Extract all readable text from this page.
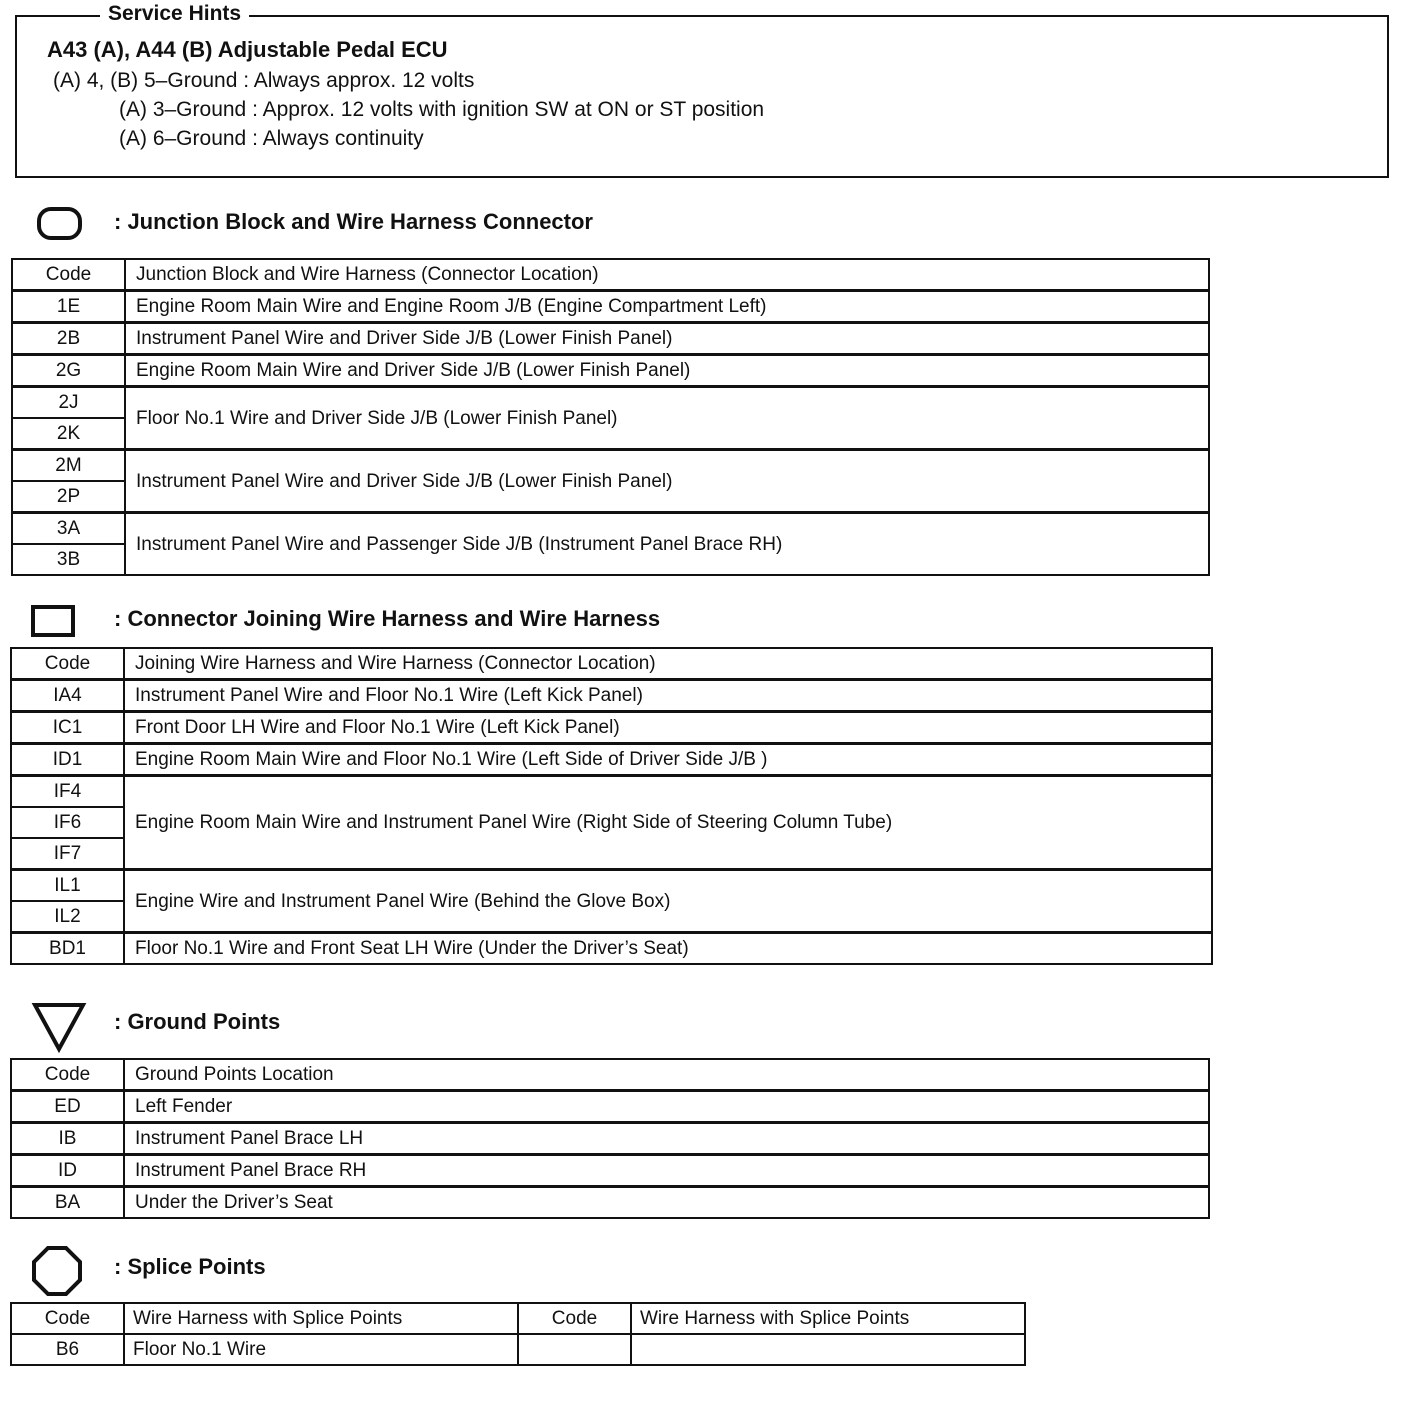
Service Hints
A43 (A), A44 (B) Adjustable Pedal ECU
(A) 4, (B) 5–Ground : Always approx. 12 volts
(A) 3–Ground : Approx. 12 volts with ignition SW at ON or ST position
(A) 6–Ground : Always continuity
: Junction Block and Wire Harness Connector
Code	Junction Block and Wire Harness (Connector Location)
1E	Engine Room Main Wire and Engine Room J/B (Engine Compartment Left)
2B	Instrument Panel Wire and Driver Side J/B (Lower Finish Panel)
2G	Engine Room Main Wire and Driver Side J/B (Lower Finish Panel)
2J	Floor No.1 Wire and Driver Side J/B (Lower Finish Panel)
2K	
2M	Instrument Panel Wire and Driver Side J/B (Lower Finish Panel)
2P	
3A	Instrument Panel Wire and Passenger Side J/B (Instrument Panel Brace RH)
3B	
: Connector Joining Wire Harness and Wire Harness
Code	Joining Wire Harness and Wire Harness (Connector Location)
IA4	Instrument Panel Wire and Floor No.1 Wire (Left Kick Panel)
IC1	Front Door LH Wire and Floor No.1 Wire (Left Kick Panel)
ID1	Engine Room Main Wire and Floor No.1 Wire (Left Side of Driver Side J/B )
IF4	Engine Room Main Wire and Instrument Panel Wire (Right Side of Steering Column Tube)
IF6	
IF7	
IL1	Engine Wire and Instrument Panel Wire (Behind the Glove Box)
IL2	
BD1	Floor No.1 Wire and Front Seat LH Wire (Under the Driver’s Seat)
: Ground Points
Code	Ground Points Location
ED	Left Fender
IB	Instrument Panel Brace LH
ID	Instrument Panel Brace RH
BA	Under the Driver’s Seat
: Splice Points
Code	Wire Harness with Splice Points	Code	Wire Harness with Splice Points
B6	Floor No.1 Wire		
